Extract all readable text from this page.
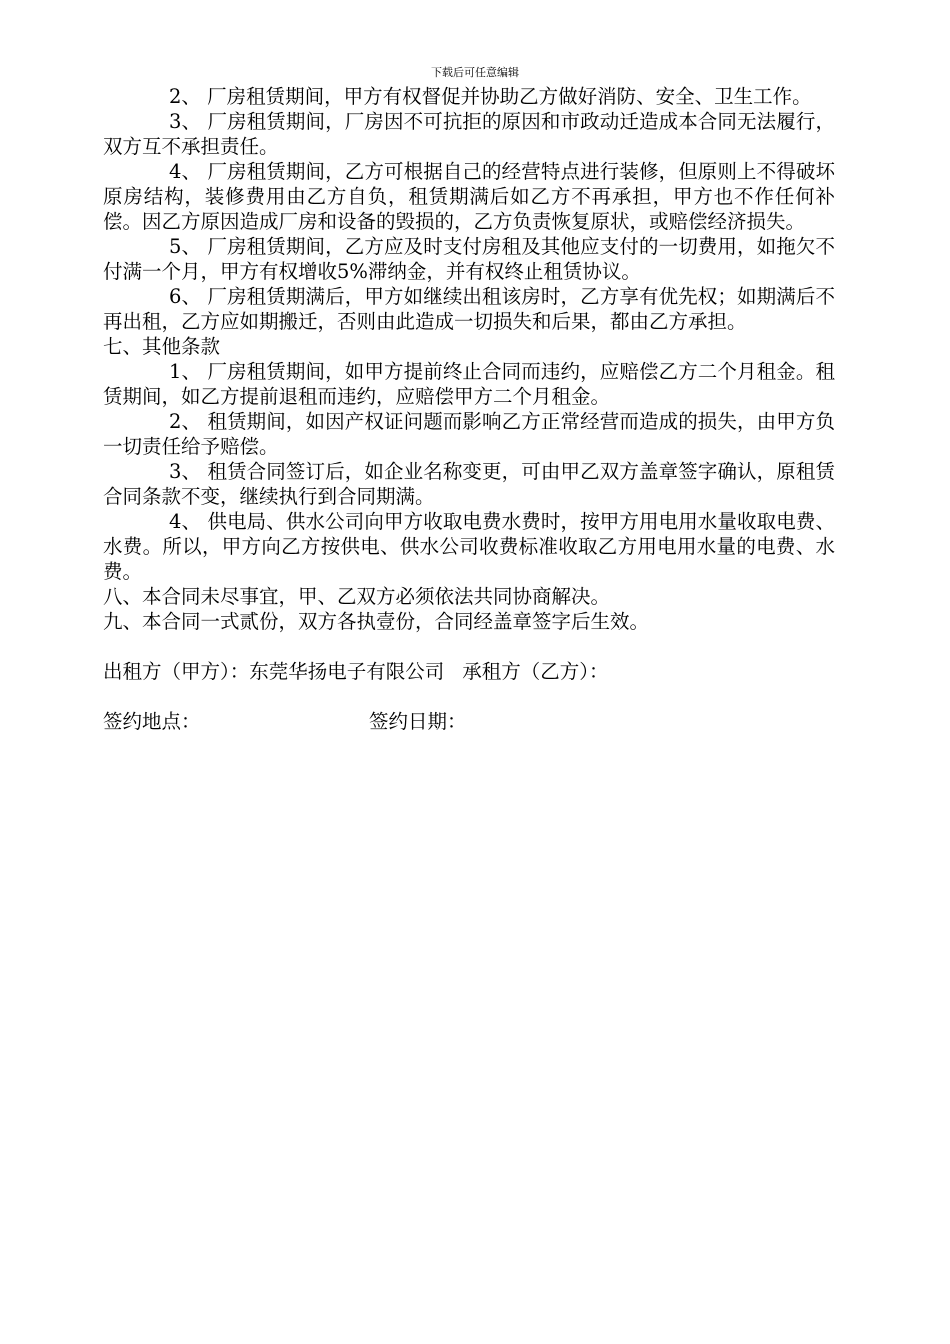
下载后可任意编辑

2、 厂房租赁期间，甲方有权督促并协助乙方做好消防、安全、卫生工作。

3、 厂房租赁期间，厂房因不可抗拒的原因和市政动迁造成本合同无法履行，双方互不承担责任。

4、 厂房租赁期间，乙方可根据自己的经营特点进行装修，但原则上不得破坏原房结构，装修费用由乙方自负，租赁期满后如乙方不再承担，甲方也不作任何补偿。因乙方原因造成厂房和设备的毁损的，乙方负责恢复原状，或赔偿经济损失。

5、 厂房租赁期间，乙方应及时支付房租及其他应支付的一切费用，如拖欠不付满一个月，甲方有权增收5%滞纳金，并有权终止租赁协议。

6、 厂房租赁期满后，甲方如继续出租该房时，乙方享有优先权；如期满后不再出租，乙方应如期搬迁，否则由此造成一切损失和后果，都由乙方承担。

七、其他条款

1、 厂房租赁期间，如甲方提前终止合同而违约，应赔偿乙方二个月租金。租赁期间，如乙方提前退租而违约，应赔偿甲方二个月租金。

2、 租赁期间，如因产权证问题而影响乙方正常经营而造成的损失，由甲方负一切责任给予赔偿。

3、 租赁合同签订后，如企业名称变更，可由甲乙双方盖章签字确认，原租赁合同条款不变，继续执行到合同期满。

4、 供电局、供水公司向甲方收取电费水费时，按甲方用电用水量收取电费、水费。所以，甲方向乙方按供电、供水公司收费标准收取乙方用电用水量的电费、水费。

八、本合同未尽事宜，甲、乙双方必须依法共同协商解决。

九、本合同一式贰份，双方各执壹份，合同经盖章签字后生效。

出租方（甲方）：东莞华扬电子有限公司 承租方（乙方）：

签约地点：	签约日期：
